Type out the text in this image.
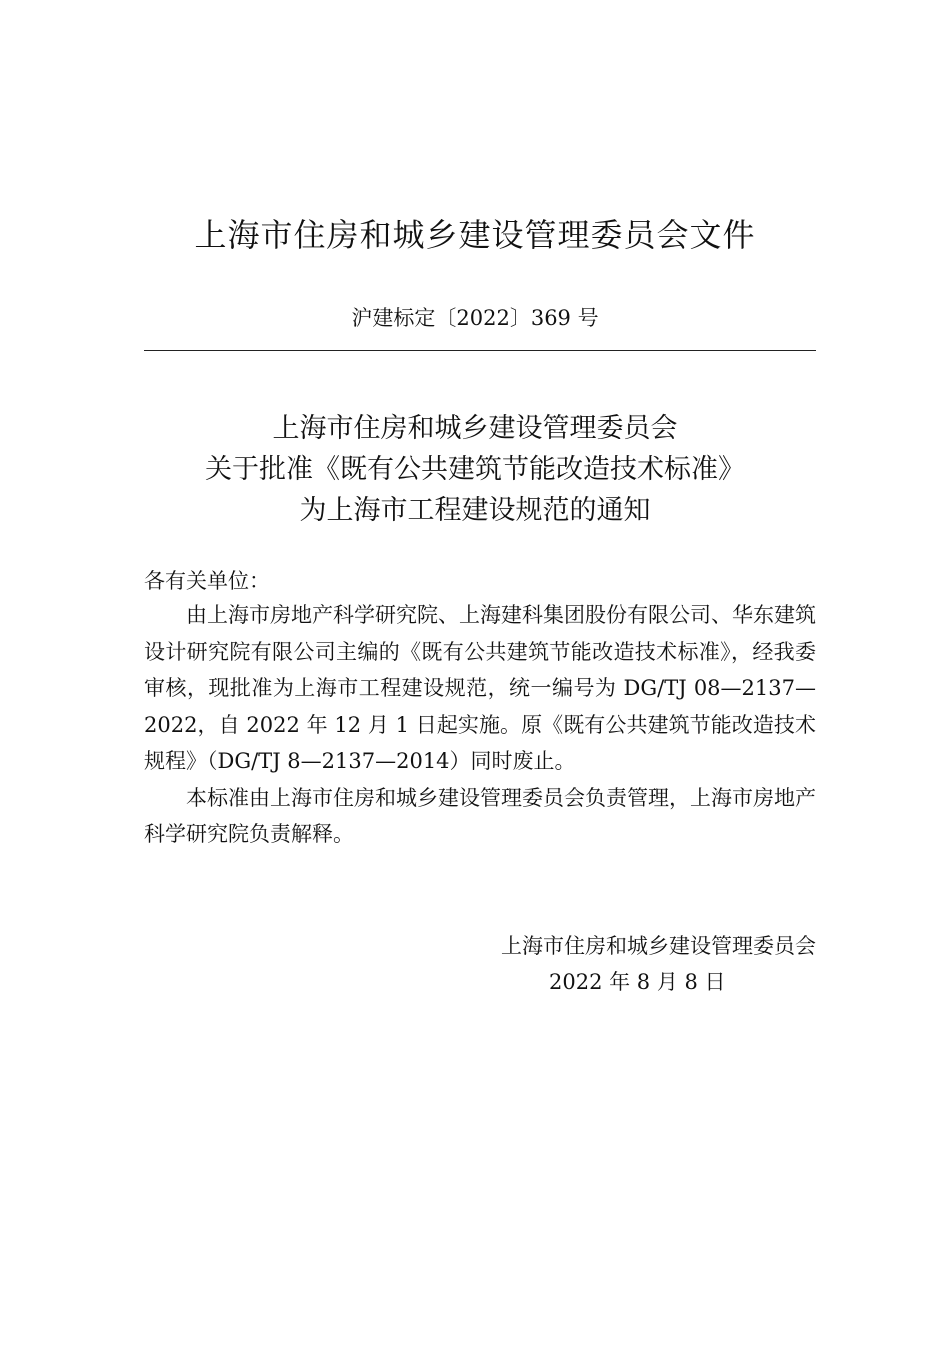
上海市住房和城乡建设管理委员会文件
沪建标定〔2022〕369 号
上海市住房和城乡建设管理委员会
关于批准《既有公共建筑节能改造技术标准》
为上海市工程建设规范的通知
各有关单位：

由上海市房地产科学研究院、上海建科集团股份有限公司、华东建筑设计研究院有限公司主编的《既有公共建筑节能改造技术标准》，经我委审核，现批准为上海市工程建设规范，统一编号为 DG/TJ 08—2137—2022，自 2022 年 12 月 1 日起实施。原《既有公共建筑节能改造技术规程》（DG/TJ 8—2137—2014）同时废止。

本标准由上海市住房和城乡建设管理委员会负责管理，上海市房地产科学研究院负责解释。

上海市住房和城乡建设管理委员会
2022 年 8 月 8 日
